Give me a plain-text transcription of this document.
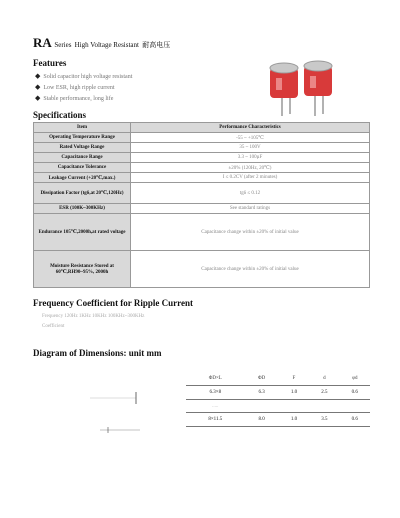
RA Series High Voltage Resistant 耐高电压
Features
◆ Solid capacitor high voltage resistant
◆ Low ESR, high ripple current
◆ Stable performance, long life
Specifications
Item	Performance Characteristics
Operating Temperature Range	-55 ~ +105℃
Rated Voltage Range	35 ~ 100V
Capacitance Range	3.3 ~ 100µF
Capacitance Tolerance	±20% (120Hz, 20℃)
Leakage Current (+20℃,max.)	I ≤ 0.2CV (after 2 minutes)
Dissipation Factor (tgδ,at 20℃,120Hz)	tgδ ≤ 0.12
ESR (100K~300KHz)	See standard ratings
Endurance 105℃,2000h,at rated voltage	Capacitance change within ±20% of initial value
Moisture Resistance Stored at 60℃,RH90~95%, 2000h	Capacitance change within ±20% of initial value
Frequency Coefficient for Ripple Current
Frequency 120Hz 1KHz 10KHz 100KHz~300KHz
Coefficient
Diagram of Dimensions: unit mm
ΦD×L	ΦD	F	d	φd
6.3×8	6.3	1.0	2.5	0.6
.....				
8×11.5	8.0	1.0	3.5	0.6
